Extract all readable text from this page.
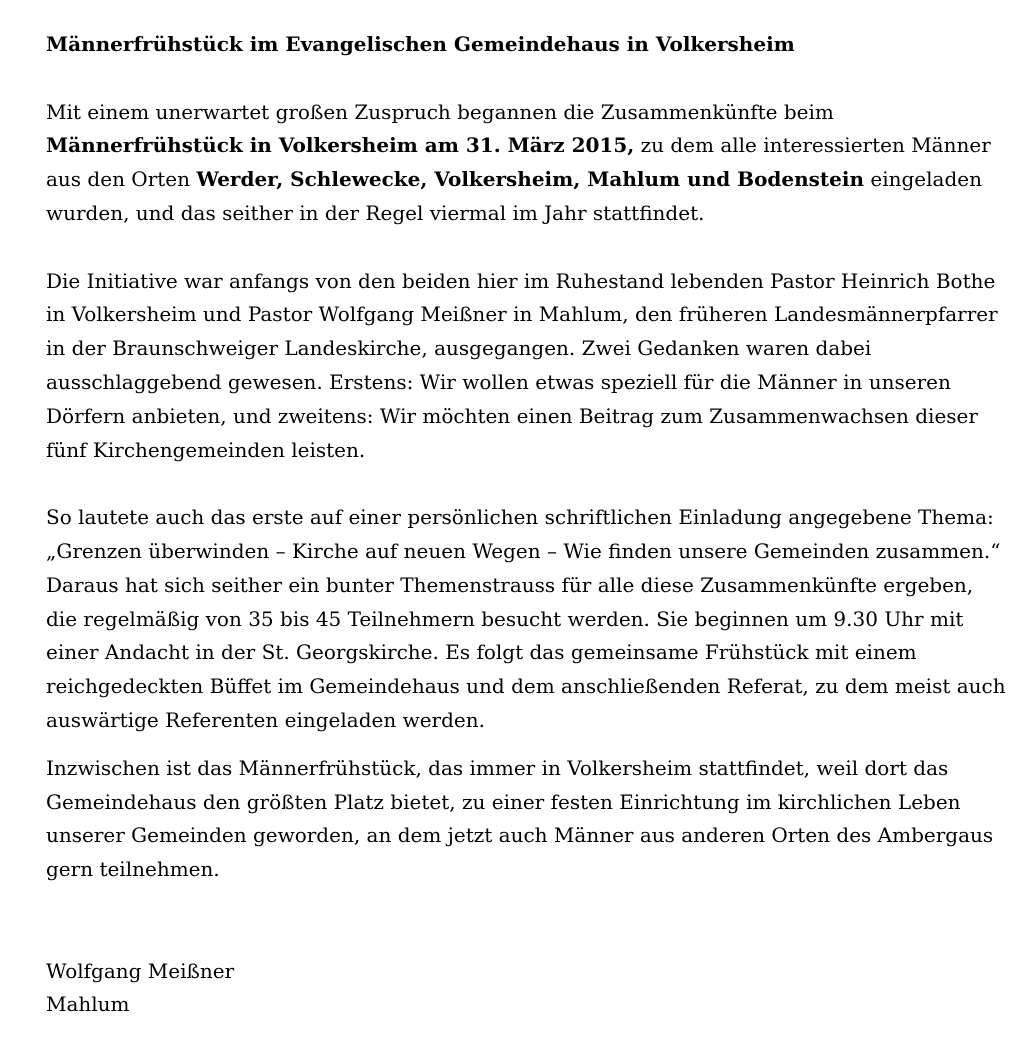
Männerfrühstück im Evangelischen Gemeindehaus in Volkersheim

Mit einem unerwartet großen Zuspruch begannen die Zusammenkünfte beim Männerfrühstück in Volkersheim am 31. März 2015, zu dem alle interessierten Männer aus den Orten Werder, Schlewecke, Volkersheim, Mahlum und Bodenstein eingeladen wurden, und das seither in der Regel viermal im Jahr stattfindet.

Die Initiative war anfangs von den beiden hier im Ruhestand lebenden Pastor Heinrich Bothe in Volkersheim und Pastor Wolfgang Meißner in Mahlum, den früheren Landesmännerpfarrer in der Braunschweiger Landeskirche, ausgegangen. Zwei Gedanken waren dabei ausschlaggebend gewesen. Erstens: Wir wollen etwas speziell für die Männer in unseren Dörfern anbieten, und zweitens: Wir möchten einen Beitrag zum Zusammenwachsen dieser fünf Kirchengemeinden leisten.

So lautete auch das erste auf einer persönlichen schriftlichen Einladung angegebene Thema: „Grenzen überwinden – Kirche auf neuen Wegen – Wie finden unsere Gemeinden zusammen.“ Daraus hat sich seither ein bunter Themenstrauss für alle diese Zusammenkünfte ergeben, die regelmäßig von 35 bis 45 Teilnehmern besucht werden. Sie beginnen um 9.30 Uhr mit einer Andacht in der St. Georgskirche. Es folgt das gemeinsame Frühstück mit einem reichgedeckten Büffet im Gemeindehaus und dem anschließenden Referat, zu dem meist auch auswärtige Referenten eingeladen werden.

Inzwischen ist das Männerfrühstück, das immer in Volkersheim stattfindet, weil dort das Gemeindehaus den größten Platz bietet, zu einer festen Einrichtung im kirchlichen Leben unserer Gemeinden geworden, an dem jetzt auch Männer aus anderen Orten des Ambergaus gern teilnehmen.

Wolfgang Meißner

Mahlum
